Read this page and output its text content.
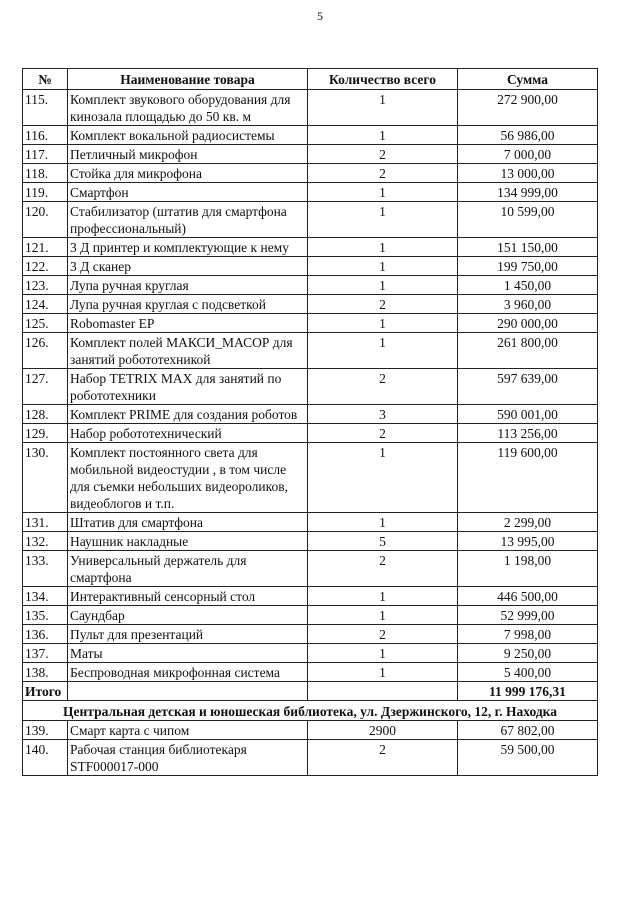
5
№	Наименование товара	Количество всего	Сумма
115.	Комплект звукового оборудования для кинозала площадью до 50 кв. м	1	272 900,00
116.	Комплект вокальной радиосистемы	1	56 986,00
117.	Петличный микрофон	2	7 000,00
118.	Стойка для микрофона	2	13 000,00
119.	Смартфон	1	134 999,00
120.	Стабилизатор (штатив для смартфона профессиональный)	1	10 599,00
121.	3 Д принтер и комплектующие к нему	1	151 150,00
122.	3 Д сканер	1	199 750,00
123.	Лупа ручная круглая	1	1 450,00
124.	Лупа ручная круглая с подсветкой	2	3 960,00
125.	Robomaster EP	1	290 000,00
126.	Комплект полей МАКСИ_МАСОР для занятий робототехникой	1	261 800,00
127.	Набор TETRIX MAX для занятий по робототехники	2	597 639,00
128.	Комплект PRIME для создания роботов	3	590 001,00
129.	Набор робототехнический	2	113 256,00
130.	Комплект постоянного света для мобильной видеостудии , в том числе для съемки небольших видеороликов, видеоблогов и т.п.	1	119 600,00
131.	Штатив для смартфона	1	2 299,00
132.	Наушник накладные	5	13 995,00
133.	Универсальный держатель для смартфона	2	1 198,00
134.	Интерактивный сенсорный стол	1	446 500,00
135.	Саундбар	1	52 999,00
136.	Пульт для презентаций	2	7 998,00
137.	Маты	1	9 250,00
138.	Беспроводная микрофонная система	1	5 400,00
Итого			11 999 176,31
Центральная детская и юношеская библиотека, ул. Дзержинского, 12, г. Находка			
139.	Смарт карта с чипом	2900	67 802,00
140.	Рабочая станция библиотекаря STF000017-000	2	59 500,00
